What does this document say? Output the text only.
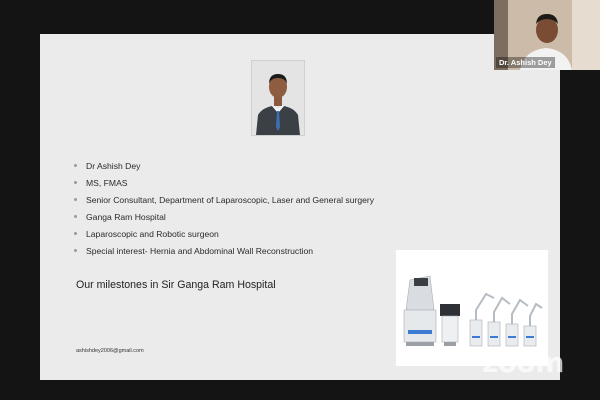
Dr Ashish Dey
MS, FMAS
Senior Consultant, Department of Laparoscopic, Laser and General surgery
Ganga Ram Hospital
Laparoscopic and Robotic surgeon
Special interest- Hernia and Abdominal Wall Reconstruction
Our milestones in Sir Ganga Ram Hospital
ashishdey2006@gmail.com
Dr. Ashish Dey
zoom
